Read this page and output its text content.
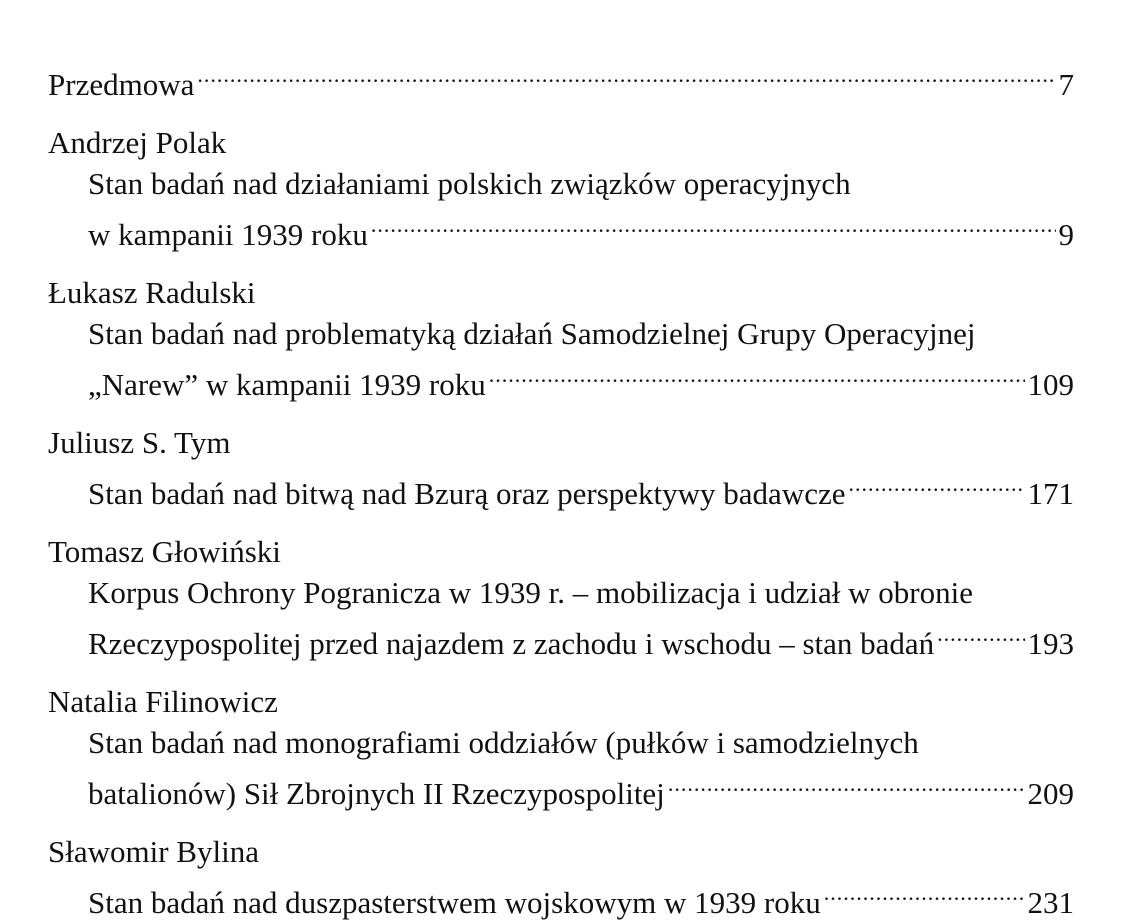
Przedmowa .....	7
Andrzej Polak
Stan badań nad działaniami polskich związków operacyjnych
w kampanii 1939 roku .....	9
Łukasz Radulski
Stan badań nad problematyką działań Samodzielnej Grupy Operacyjnej
„Narew” w kampanii 1939 roku .....	109
Juliusz S. Tym
Stan badań nad bitwą nad Bzurą oraz perspektywy badawcze .....	171
Tomasz Głowiński
Korpus Ochrony Pogranicza w 1939 r. – mobilizacja i udział w obronie
Rzeczypospolitej przed najazdem z zachodu i wschodu – stan badań .....	193
Natalia Filinowicz
Stan badań nad monografiami oddziałów (pułków i samodzielnych
batalionów) Sił Zbrojnych II Rzeczypospolitej .....	209
Sławomir Bylina
Stan badań nad duszpasterstwem wojskowym w 1939 roku .....	231
